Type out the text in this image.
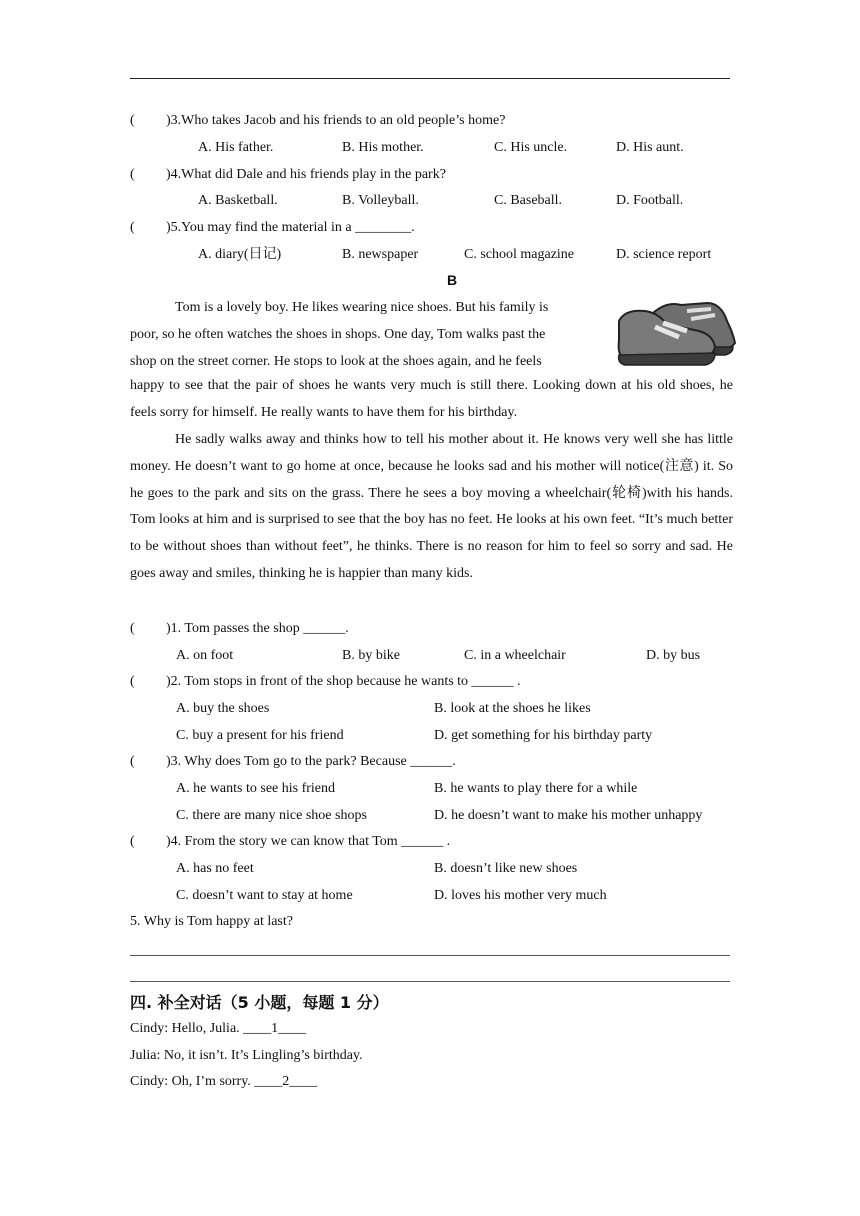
( )3.Who takes Jacob and his friends to an old people’s home?
A. His father.	B. His mother.	C. His uncle.	D. His aunt.
( )4.What did Dale and his friends play in the park?
A. Basketball.	B. Volleyball.	C. Baseball.	D. Football.
( )5.You may find the material in a ________.
A. diary(日记)	B. newspaper	C. school magazine	D. science report
B
Tom is a lovely boy. He likes wearing nice shoes. But his family is
poor, so he often watches the shoes in shops. One day, Tom walks past the
shop on the street corner. He stops to look at the shoes again, and he feels

happy to see that the pair of shoes he wants very much is still there. Looking down at his old shoes, he feels sorry for himself. He really wants to have them for his birthday.

He sadly walks away and thinks how to tell his mother about it. He knows very well she has little money. He doesn’t want to go home at once, because he looks sad and his mother will notice(注意) it. So he goes to the park and sits on the grass. There he sees a boy moving a wheelchair(轮椅)with his hands. Tom looks at him and is surprised to see that the boy has no feet. He looks at his own feet. “It’s much better to be without shoes than without feet”, he thinks. There is no reason for him to feel so sorry and sad. He goes away and smiles, thinking he is happier than many kids.

( )1. Tom passes the shop ______.
A. on foot	B. by bike	C. in a wheelchair	D. by bus
( )2. Tom stops in front of the shop because he wants to ______ .
A. buy the shoes	B. look at the shoes he likes
C. buy a present for his friend	D. get something for his birthday party
( )3. Why does Tom go to the park? Because ______.
A. he wants to see his friend	B. he wants to play there for a while
C. there are many nice shoe shops	D. he doesn’t want to make his mother unhappy
( )4. From the story we can know that Tom ______ .
A. has no feet	B. doesn’t like new shoes
C. doesn’t want to stay at home	D. loves his mother very much
5. Why is Tom happy at last?
四. 补全对话（5 小题，每题 1 分）
Cindy: Hello, Julia. ____1____
Julia: No, it isn’t. It’s Lingling’s birthday.
Cindy: Oh, I’m sorry. ____2____
